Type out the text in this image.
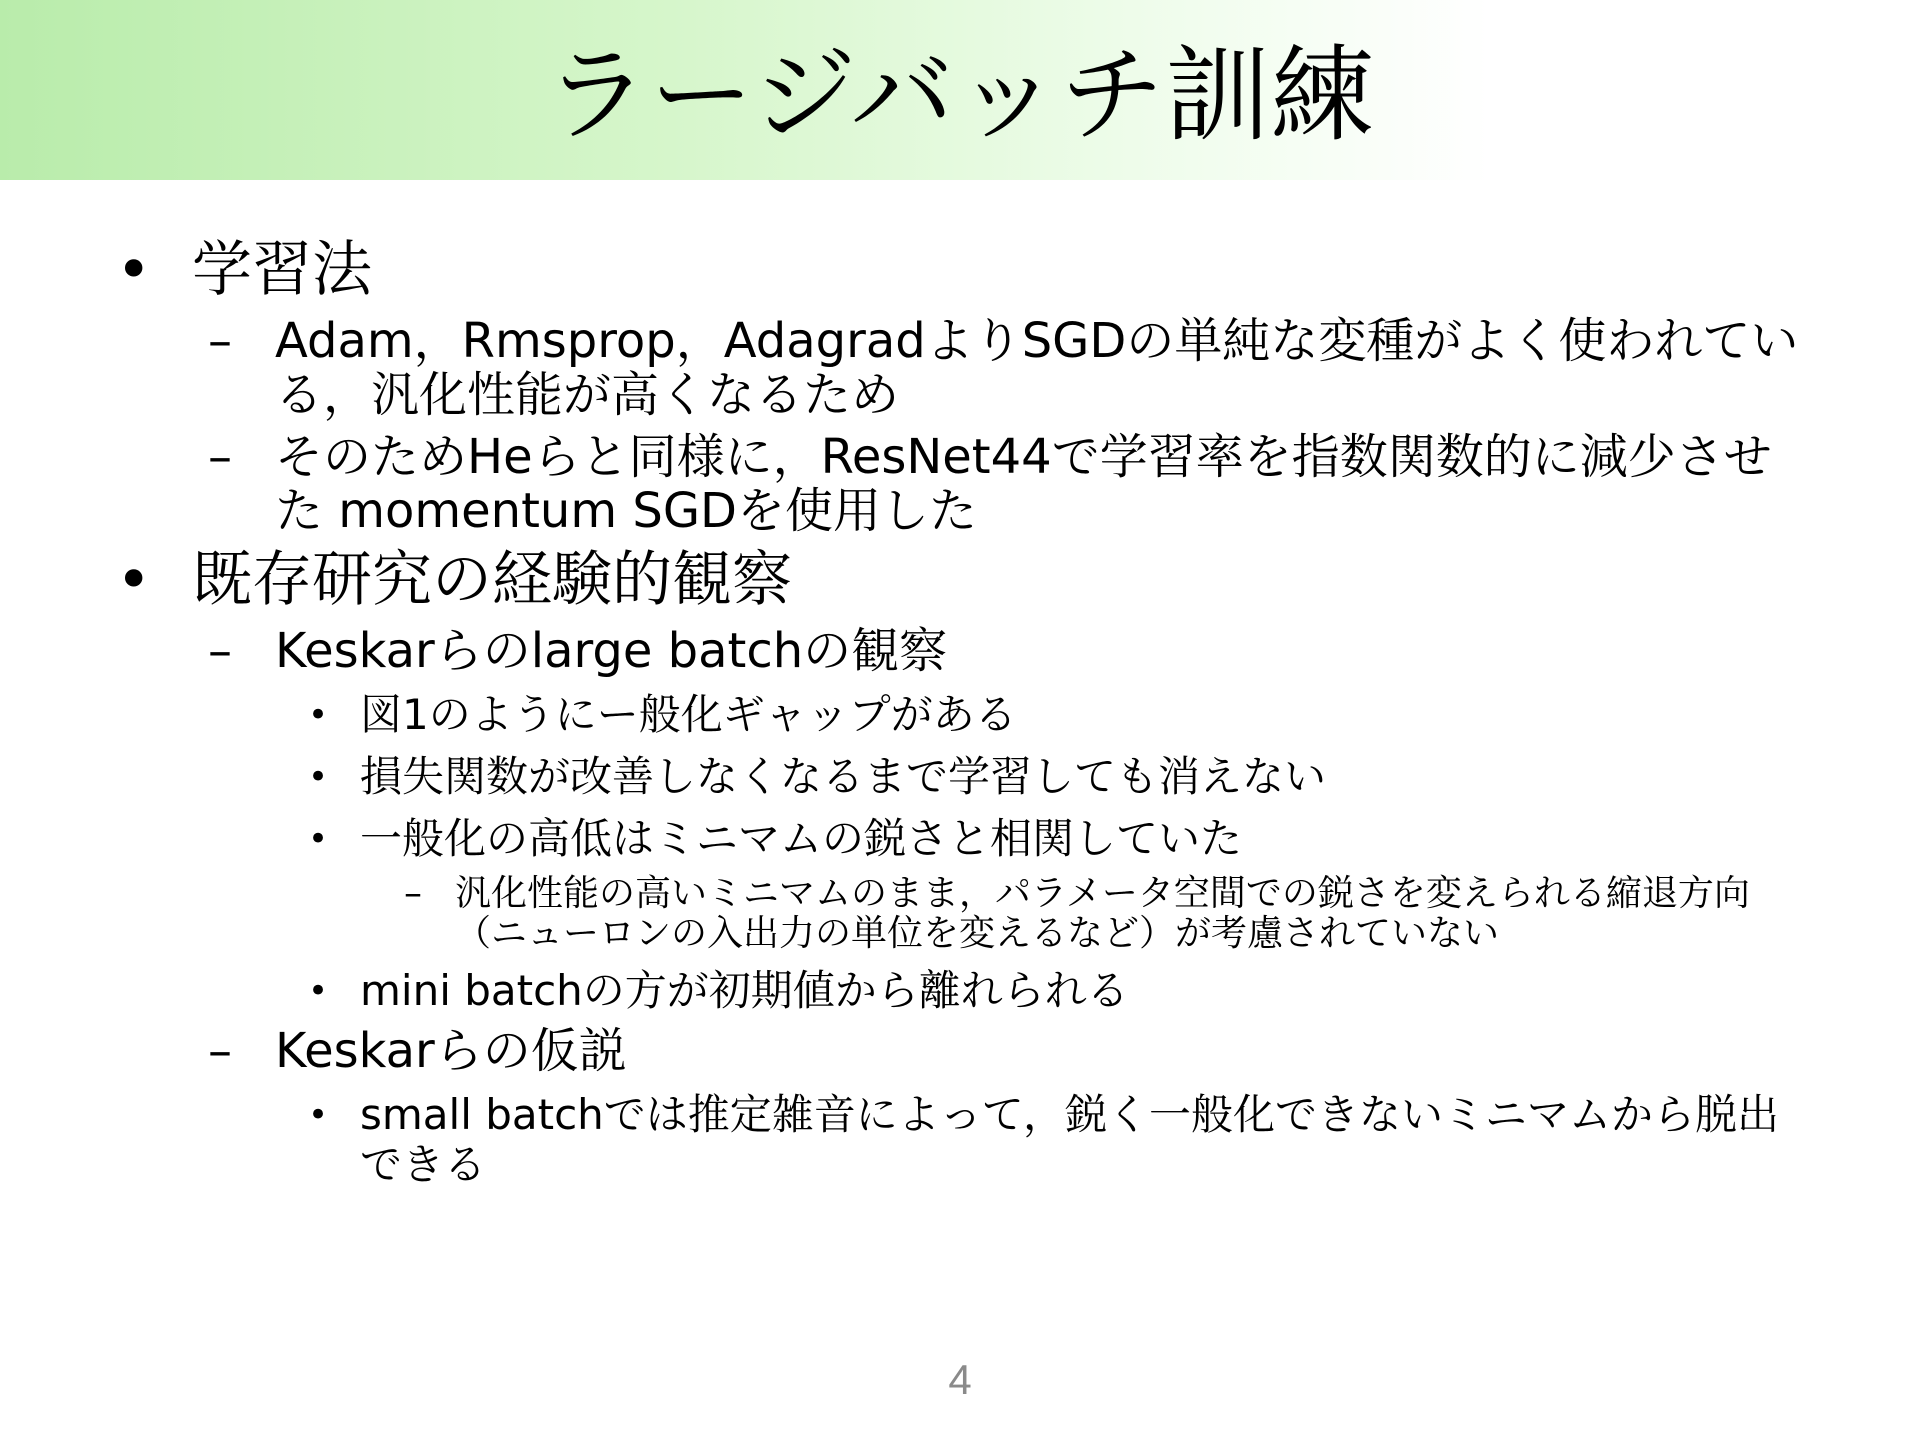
ラージバッチ訓練
• 学習法
– Adam，Rmsprop，AdagradよりSGDの単純な変種がよく使われている，汎化性能が高くなるため
– そのためHeらと同様に，ResNet44で学習率を指数関数的に減少させた momentum SGDを使用した
• 既存研究の経験的観察
– Keskarらのlarge batchの観察
• 図1のようにー般化ギャップがある
• 損失関数が改善しなくなるまで学習しても消えない
• 一般化の高低はミニマムの鋭さと相関していた
– 汎化性能の高いミニマムのまま，パラメータ空間での鋭さを変えられる縮退方向（ニューロンの入出力の単位を変えるなど）が考慮されていない
• mini batchの方が初期値から離れられる
– Keskarらの仮説
• small batchでは推定雑音によって，鋭く一般化できないミニマムから脱出できる
4
